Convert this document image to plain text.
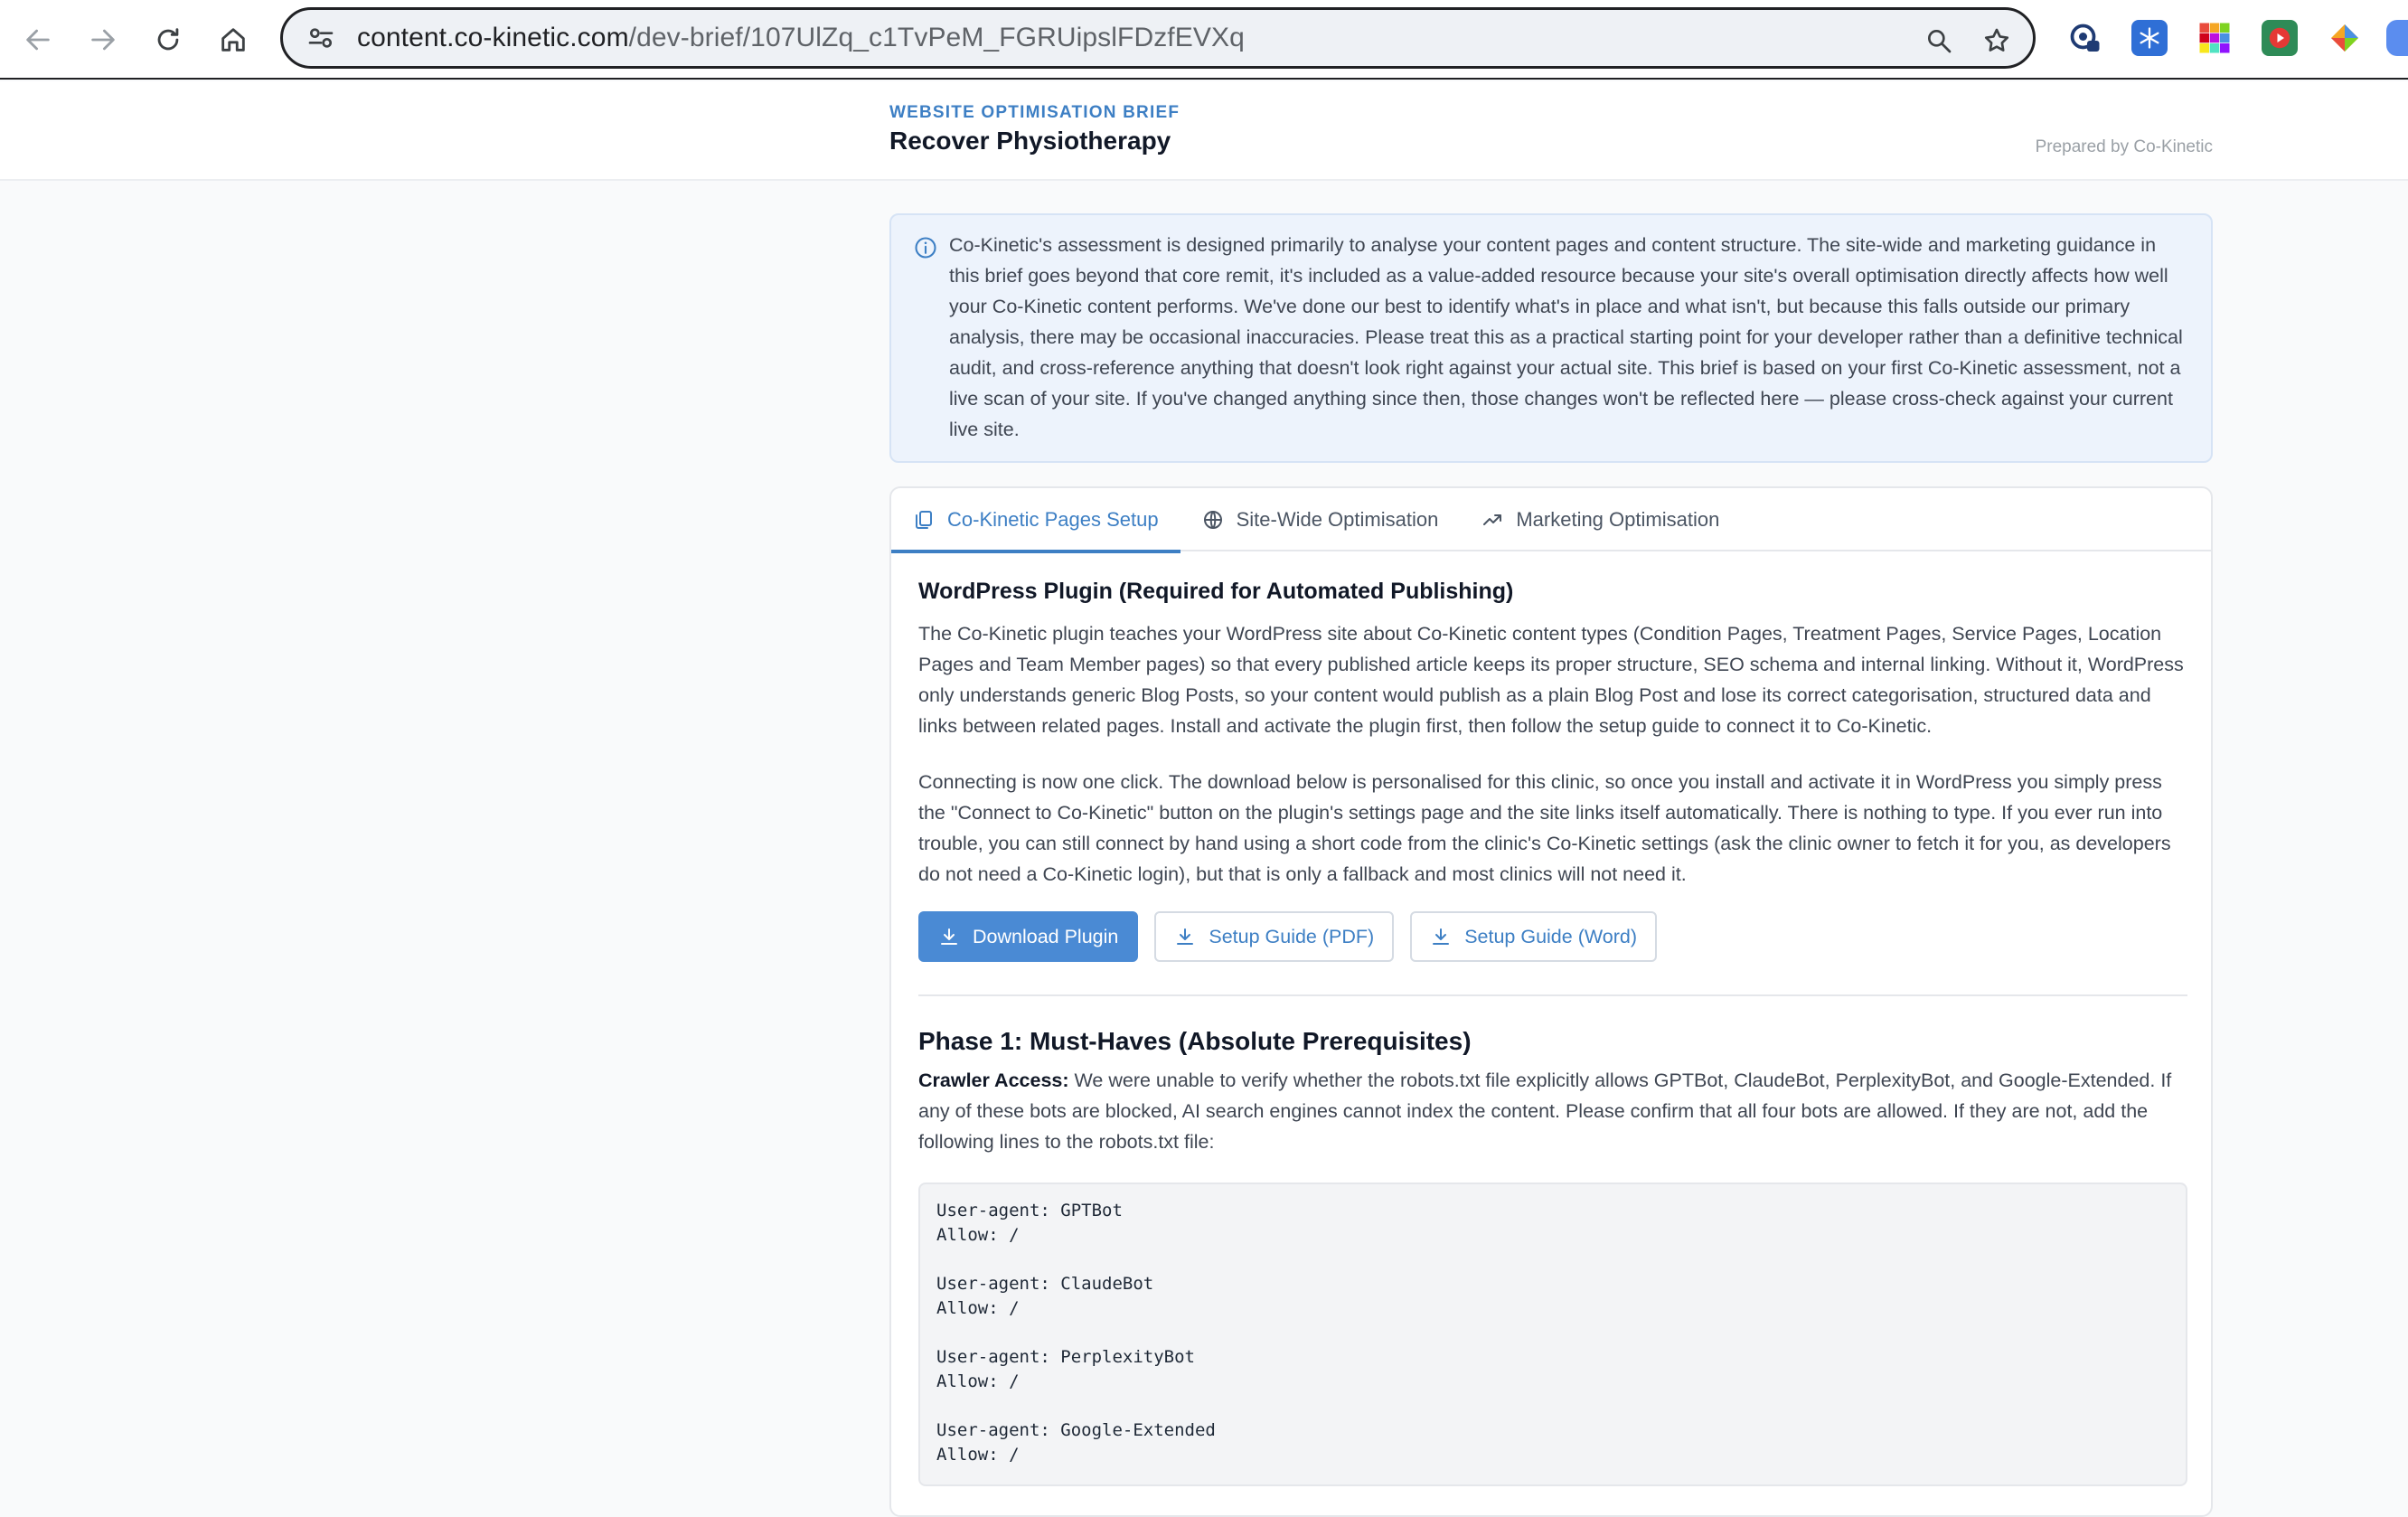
content.co-kinetic.com/dev-brief/107UlZq_c1TvPeM_FGRUipslFDzfEVXq
WEBSITE OPTIMISATION BRIEF
Recover Physiotherapy	Prepared by Co-Kinetic

Co-Kinetic's assessment is designed primarily to analyse your content pages and content structure. The site-wide and marketing guidance in this brief goes beyond that core remit, it's included as a value-added resource because your site's overall optimisation directly affects how well your Co-Kinetic content performs. We've done our best to identify what's in place and what isn't, but because this falls outside our primary analysis, there may be occasional inaccuracies. Please treat this as a practical starting point for your developer rather than a definitive technical audit, and cross-reference anything that doesn't look right against your actual site. This brief is based on your first Co-Kinetic assessment, not a live scan of your site. If you've changed anything since then, those changes won't be reflected here — please cross-check against your current live site.

Co-Kinetic Pages Setup	Site-Wide Optimisation	Marketing Optimisation
WordPress Plugin (Required for Automated Publishing)

The Co-Kinetic plugin teaches your WordPress site about Co-Kinetic content types (Condition Pages, Treatment Pages, Service Pages, Location Pages and Team Member pages) so that every published article keeps its proper structure, SEO schema and internal linking. Without it, WordPress only understands generic Blog Posts, so your content would publish as a plain Blog Post and lose its correct categorisation, structured data and links between related pages. Install and activate the plugin first, then follow the setup guide to connect it to Co-Kinetic.

Connecting is now one click. The download below is personalised for this clinic, so once you install and activate it in WordPress you simply press the "Connect to Co-Kinetic" button on the plugin's settings page and the site links itself automatically. There is nothing to type. If you ever run into trouble, you can still connect by hand using a short code from the clinic's Co-Kinetic settings (ask the clinic owner to fetch it for you, as developers do not need a Co-Kinetic login), but that is only a fallback and most clinics will not need it.

Download Plugin	Setup Guide (PDF)	Setup Guide (Word)
Phase 1: Must-Haves (Absolute Prerequisites)

Crawler Access: We were unable to verify whether the robots.txt file explicitly allows GPTBot, ClaudeBot, PerplexityBot, and Google-Extended. If any of these bots are blocked, AI search engines cannot index the content. Please confirm that all four bots are allowed. If they are not, add the following lines to the robots.txt file:

User-agent: GPTBot
Allow: /

User-agent: ClaudeBot
Allow: /

User-agent: PerplexityBot
Allow: /

User-agent: Google-Extended
Allow: /
